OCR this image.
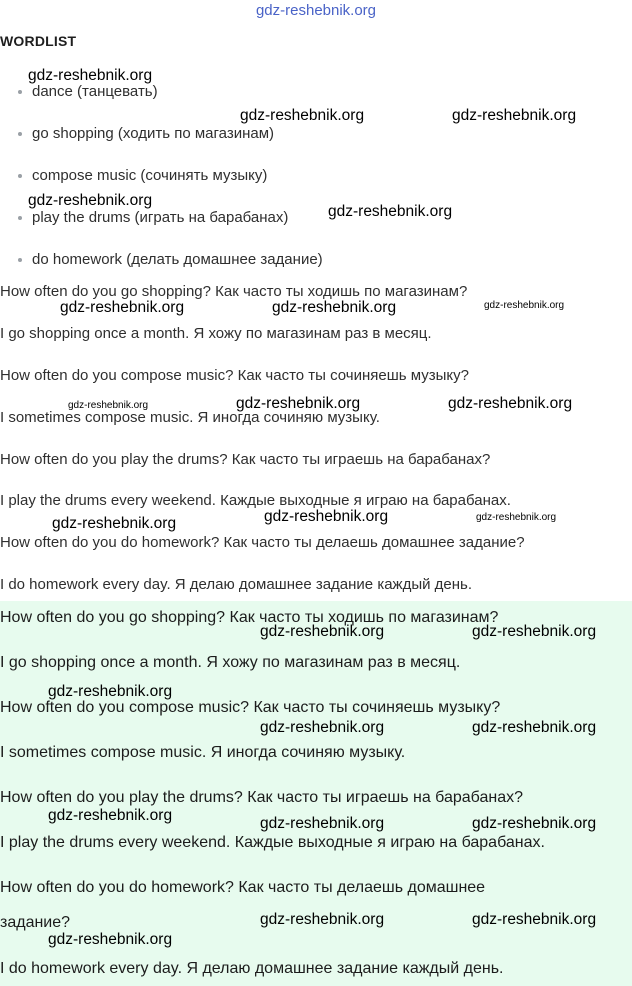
gdz-reshebnik.org
WORDLIST
dance (танцевать)
go shopping (ходить по магазинам)
compose music (сочинять музыку)
play the drums (играть на барабанах)
do homework (делать домашнее задание)
How often do you go shopping? Как часто ты ходишь по магазинам?
I go shopping once a month. Я хожу по магазинам раз в месяц.
How often do you compose music? Как часто ты сочиняешь музыку?
I sometimes compose music. Я иногда сочиняю музыку.
How often do you play the drums? Как часто ты играешь на барабанах?
I play the drums every weekend. Каждые выходные я играю на барабанах.
How often do you do homework? Как часто ты делаешь домашнее задание?
I do homework every day. Я делаю домашнее задание каждый день.
How often do you go shopping? Как часто ты ходишь по магазинам?
I go shopping once a month. Я хожу по магазинам раз в месяц.
How often do you compose music? Как часто ты сочиняешь музыку?
I sometimes compose music. Я иногда сочиняю музыку.
How often do you play the drums? Как часто ты играешь на барабанах?
I play the drums every weekend. Каждые выходные я играю на барабанах.
How often do you do homework? Как часто ты делаешь домашнее
задание?
I do homework every day. Я делаю домашнее задание каждый день.
gdz-reshebnik.org
gdz-reshebnik.org	gdz-reshebnik.org
gdz-reshebnik.org
gdz-reshebnik.org
gdz-reshebnik.org	gdz-reshebnik.org	gdz-reshebnik.org
gdz-reshebnik.org	gdz-reshebnik.org	gdz-reshebnik.org
gdz-reshebnik.org	gdz-reshebnik.org	gdz-reshebnik.org
gdz-reshebnik.org	gdz-reshebnik.org
gdz-reshebnik.org
gdz-reshebnik.org	gdz-reshebnik.org
gdz-reshebnik.org	gdz-reshebnik.org	gdz-reshebnik.org
gdz-reshebnik.org	gdz-reshebnik.org
gdz-reshebnik.org
